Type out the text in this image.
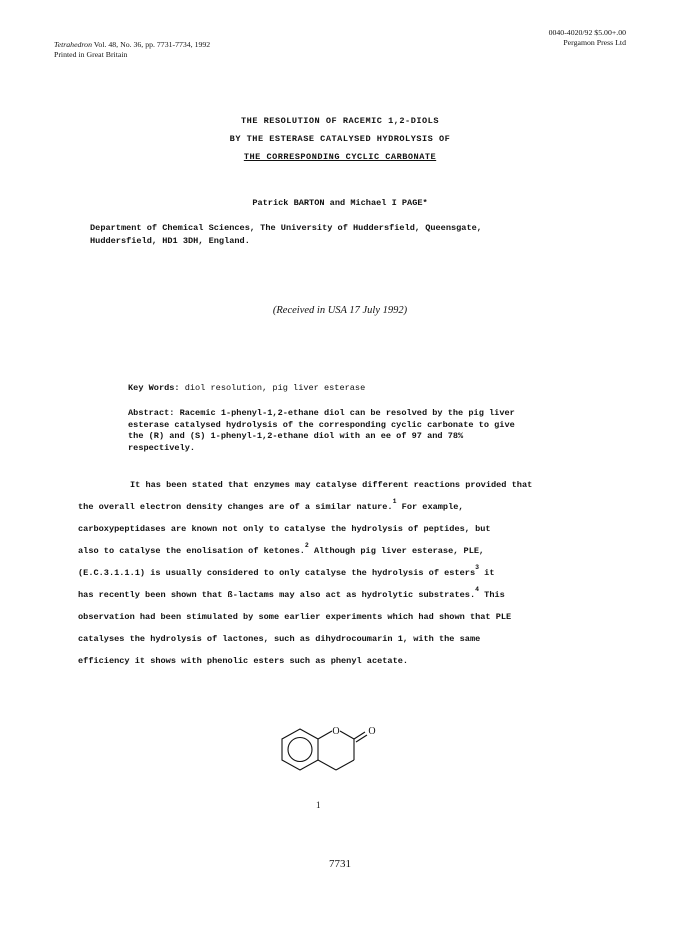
Tetrahedron Vol. 48, No. 36, pp. 7731-7734, 1992
Printed in Great Britain
0040-4020/92 $5.00+.00
Pergamon Press Ltd
THE RESOLUTION OF RACEMIC 1,2-DIOLS
BY THE ESTERASE CATALYSED HYDROLYSIS OF
THE CORRESPONDING CYCLIC CARBONATE
Patrick BARTON and Michael I PAGE*
Department of Chemical Sciences, The University of Huddersfield, Queensgate,
Huddersfield, HD1 3DH, England.
(Received in USA 17 July 1992)
Key Words: diol resolution, pig liver esterase
Abstract: Racemic 1-phenyl-1,2-ethane diol can be resolved by the pig liver
esterase catalysed hydrolysis of the corresponding cyclic carbonate to give
the (R) and (S) 1-phenyl-1,2-ethane diol with an ee of 97 and 78%
respectively.
It has been stated that enzymes may catalyse different reactions provided that
the overall electron density changes are of a similar nature.$^1$ For example,
carboxypeptidases are known not only to catalyse the hydrolysis of peptides, but
also to catalyse the enolisation of ketones.$^2$ Although pig liver esterase, PLE,
(E.C.3.1.1.1) is usually considered to only catalyse the hydrolysis of esters$^3$ it
has recently been shown that ß-lactams may also act as hydrolytic substrates.$^4$ This
observation had been stimulated by some earlier experiments which had shown that PLE
catalyses the hydrolysis of lactones, such as dihydrocoumarin 1, with the same
efficiency it shows with phenolic esters such as phenyl acetate.
O	O
1
7731
